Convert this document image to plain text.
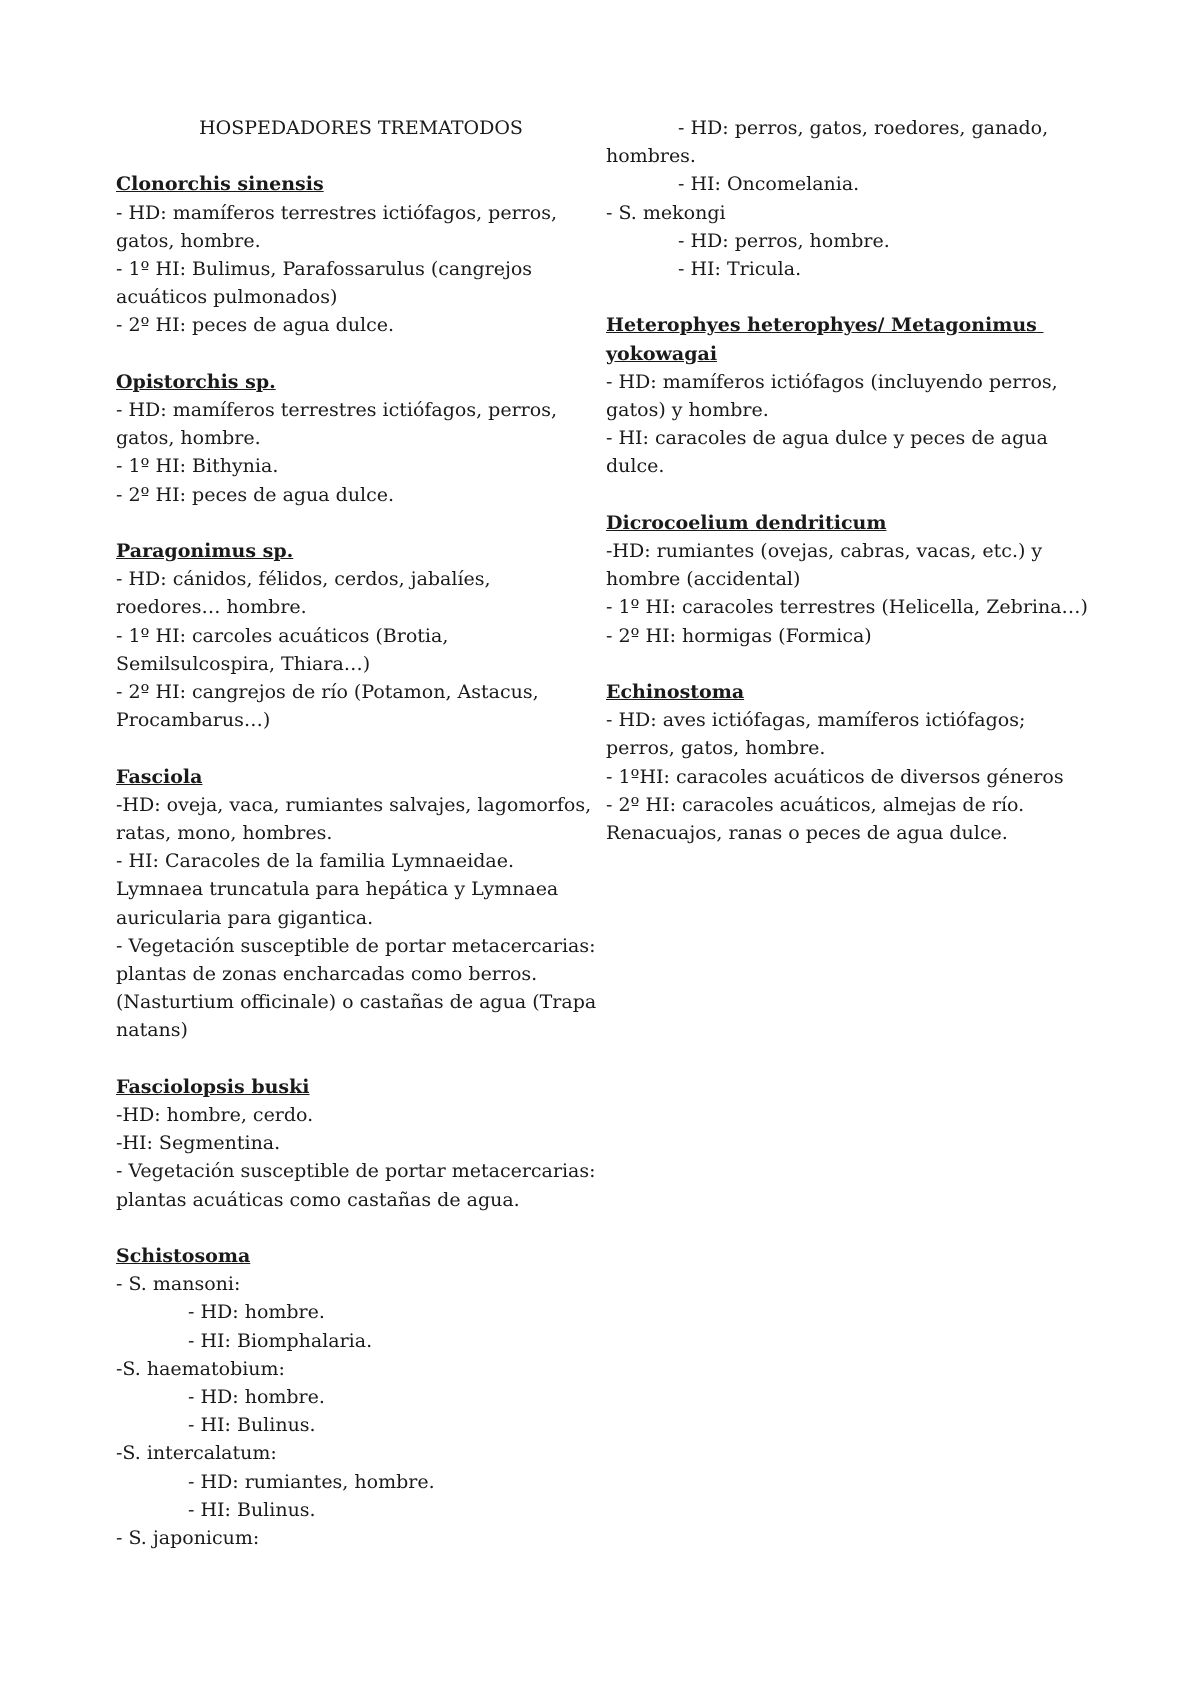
HOSPEDADORES TREMATODOS
Clonorchis sinensis
- HD: mamíferos terrestres ictiófagos, perros,
gatos, hombre.
- 1º HI: Bulimus, Parafossarulus (cangrejos
acuáticos pulmonados)
- 2º HI: peces de agua dulce.
Opistorchis sp.
- HD: mamíferos terrestres ictiófagos, perros,
gatos, hombre.
- 1º HI: Bithynia.
- 2º HI: peces de agua dulce.
Paragonimus sp.
- HD: cánidos, félidos, cerdos, jabalíes,
roedores… hombre.
- 1º HI: carcoles acuáticos (Brotia,
Semilsulcospira, Thiara…)
- 2º HI: cangrejos de río (Potamon, Astacus,
Procambarus…)
Fasciola
-HD: oveja, vaca, rumiantes salvajes, lagomorfos,
ratas, mono, hombres.
- HI: Caracoles de la familia Lymnaeidae.
Lymnaea truncatula para hepática y Lymnaea
auricularia para gigantica.
- Vegetación susceptible de portar metacercarias:
plantas de zonas encharcadas como berros.
(Nasturtium officinale) o castañas de agua (Trapa
natans)
Fasciolopsis buski
-HD: hombre, cerdo.
-HI: Segmentina.
- Vegetación susceptible de portar metacercarias:
plantas acuáticas como castañas de agua.
Schistosoma
- S. mansoni:
- HD: hombre.
- HI: Biomphalaria.
-S. haematobium:
- HD: hombre.
- HI: Bulinus.
-S. intercalatum:
- HD: rumiantes, hombre.
- HI: Bulinus.
- S. japonicum:
- HD: perros, gatos, roedores, ganado,
hombres.
- HI: Oncomelania.
- S. mekongi
- HD: perros, hombre.
- HI: Tricula.
Heterophyes heterophyes/ Metagonimus
yokowagai
- HD: mamíferos ictiófagos (incluyendo perros,
gatos) y hombre.
- HI: caracoles de agua dulce y peces de agua
dulce.
Dicrocoelium dendriticum
-HD: rumiantes (ovejas, cabras, vacas, etc.) y
hombre (accidental)
- 1º HI: caracoles terrestres (Helicella, Zebrina…)
- 2º HI: hormigas (Formica)
Echinostoma
- HD: aves ictiófagas, mamíferos ictiófagos;
perros, gatos, hombre.
- 1ºHI: caracoles acuáticos de diversos géneros
- 2º HI: caracoles acuáticos, almejas de río.
Renacuajos, ranas o peces de agua dulce.
